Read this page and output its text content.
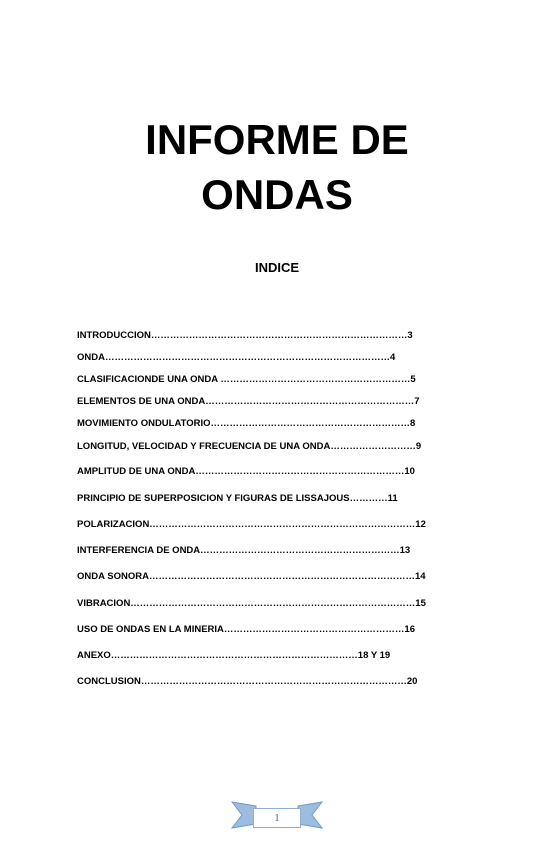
INFORME DE
ONDAS
INDICE
INTRODUCCION………………………………………………………………………3
ONDA………………………………………………………………………………4
CLASIFICACIONDE UNA ONDA ……………………………………………………5
ELEMENTOS DE UNA ONDA…………………………………………………………7
MOVIMIENTO ONDULATORIO………………………………………………………8
LONGITUD, VELOCIDAD Y FRECUENCIA DE UNA ONDA………………………9
AMPLITUD DE UNA ONDA…………………………………………………………10
PRINCIPIO DE SUPERPOSICION Y FIGURAS DE LISSAJOUS…………11
POLARIZACION…………………………………………………………………………12
INTERFERENCIA DE ONDA………………………………………………………13
ONDA SONORA…………………………………………………………………………14
VIBRACION………………………………………………………………………………15
USO DE ONDAS EN LA MINERIA…………………………………………………16
ANEXO……………………………………………………………………18 Y 19
CONCLUSION…………………………………………………………………………20
1
